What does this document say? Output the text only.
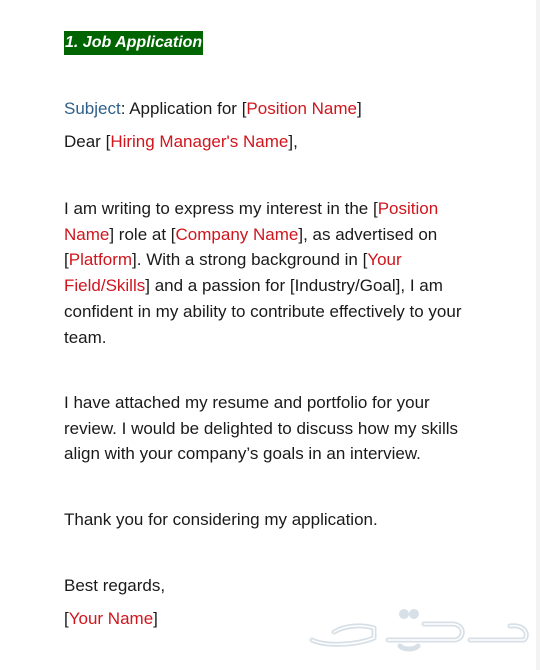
1. Job Application
Subject: Application for [Position Name]
Dear [Hiring Manager's Name],
I am writing to express my interest in the [Position Name] role at [Company Name], as advertised on [Platform]. With a strong background in [Your Field/Skills] and a passion for [Industry/Goal], I am confident in my ability to contribute effectively to your team.
I have attached my resume and portfolio for your review. I would be delighted to discuss how my skills align with your company’s goals in an interview.
Thank you for considering my application.
Best regards,
[Your Name]
